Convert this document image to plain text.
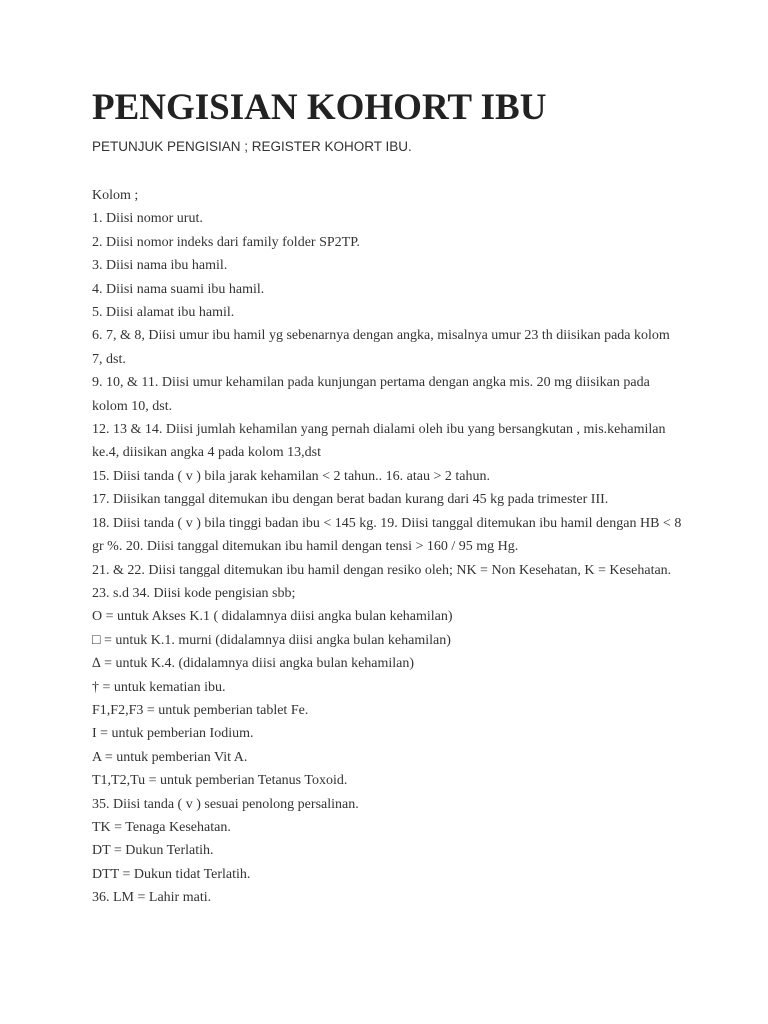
PENGISIAN KOHORT IBU

PETUNJUK PENGISIAN ; REGISTER KOHORT IBU.

Kolom ;
1. Diisi nomor urut.
2. Diisi nomor indeks dari family folder SP2TP.
3. Diisi nama ibu hamil.
4. Diisi nama suami ibu hamil.
5. Diisi alamat ibu hamil.
6. 7, & 8, Diisi umur ibu hamil yg sebenarnya dengan angka, misalnya umur 23 th diisikan pada kolom 7, dst.
9. 10, & 11. Diisi umur kehamilan pada kunjungan pertama dengan angka mis. 20 mg diisikan pada kolom 10, dst.
12. 13 & 14. Diisi jumlah kehamilan yang pernah dialami oleh ibu yang bersangkutan , mis.kehamilan ke.4, diisikan angka 4 pada kolom 13,dst
15. Diisi tanda ( v ) bila jarak kehamilan < 2 tahun.. 16. atau > 2 tahun.
17. Diisikan tanggal ditemukan ibu dengan berat badan kurang dari 45 kg pada trimester III.
18. Diisi tanda ( v ) bila tinggi badan ibu < 145 kg. 19. Diisi tanggal ditemukan ibu hamil dengan HB < 8 gr %. 20. Diisi tanggal ditemukan ibu hamil dengan tensi > 160 / 95 mg Hg.
21. & 22. Diisi tanggal ditemukan ibu hamil dengan resiko oleh; NK = Non Kesehatan, K = Kesehatan.
23. s.d 34. Diisi kode pengisian sbb;
O = untuk Akses K.1 ( didalamnya diisi angka bulan kehamilan)
□ = untuk K.1. murni (didalamnya diisi angka bulan kehamilan)
∆ = untuk K.4. (didalamnya diisi angka bulan kehamilan)
† = untuk kematian ibu.
F1,F2,F3 = untuk pemberian tablet Fe.
I = untuk pemberian Iodium.
A = untuk pemberian Vit A.
T1,T2,Tu = untuk pemberian Tetanus Toxoid.
35. Diisi tanda ( v ) sesuai penolong persalinan.
TK = Tenaga Kesehatan.
DT = Dukun Terlatih.
DTT = Dukun tidat Terlatih.
36. LM = Lahir mati.
